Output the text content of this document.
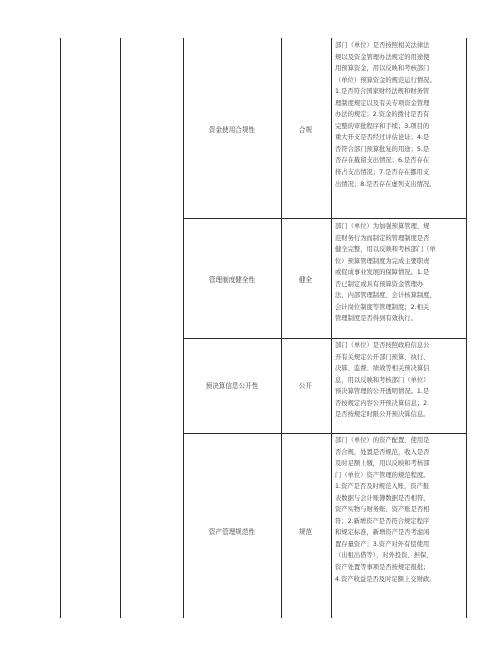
资金使用合规性	合规
部门（单位）是否按照相关法律法
规以及资金管理办法规定的用途使
用预算资金，用以反映和考核部门
（单位）预算资金的规范运行情况。
1.是否符合国家财经法规和财务管
理制度规定以及有关专项资金管理
办法的规定；2.资金的拨付是否有
完整的审批程序和手续；3.项目的
重大开支是否经过评估论证；4.是
否符合部门预算批复的用途；5.是
否存在截留支出情况；6.是否存在
挤占支出情况；7.是否存在挪用支
出情况；8.是否存在虚列支出情况。
管理制度健全性	健全
部门（单位）为加强预算管理、规
范财务行为而制定的管理制度是否
健全完整，用以反映和考核部门（单
位）预算管理制度为完成主要职责
或促成事业发展的保障情况。1.是
否已制定或具有预算资金管理办
法、内部管理制度、会计核算制度、
会计岗位制度等管理制度；2.相关
管理制度是否得到有效执行。
预决算信息公开性	公开
部门（单位）是否按照政府信息公
开有关规定公开部门预算、执行、
决算、监督、绩效等相关预决算信
息，用以反映和考核部门（单位）
预决算管理的公开透明情况。1.是
否按规定内容公开预决算信息；2.
是否按规定时限公开预决算信息。
资产管理规范性	规范
部门（单位）的资产配置、使用是
否合规，处置是否规范，收入是否
及时足额上缴，用以反映和考核部
门（单位）资产管理的规范程度。
1.资产是否及时规范入账，资产报
表数据与会计账簿数据是否相符，
资产实物与财务账、资产账是否相
符；2.新增资产是否符合规定程序
和规定标准，新增资产是否考虑闲
置存量资产；3.资产对外有偿使用
（出租出借等）、对外投资、担保、
资产处置等事项是否按规定报批；
4.资产收益是否及时足额上交财政。
